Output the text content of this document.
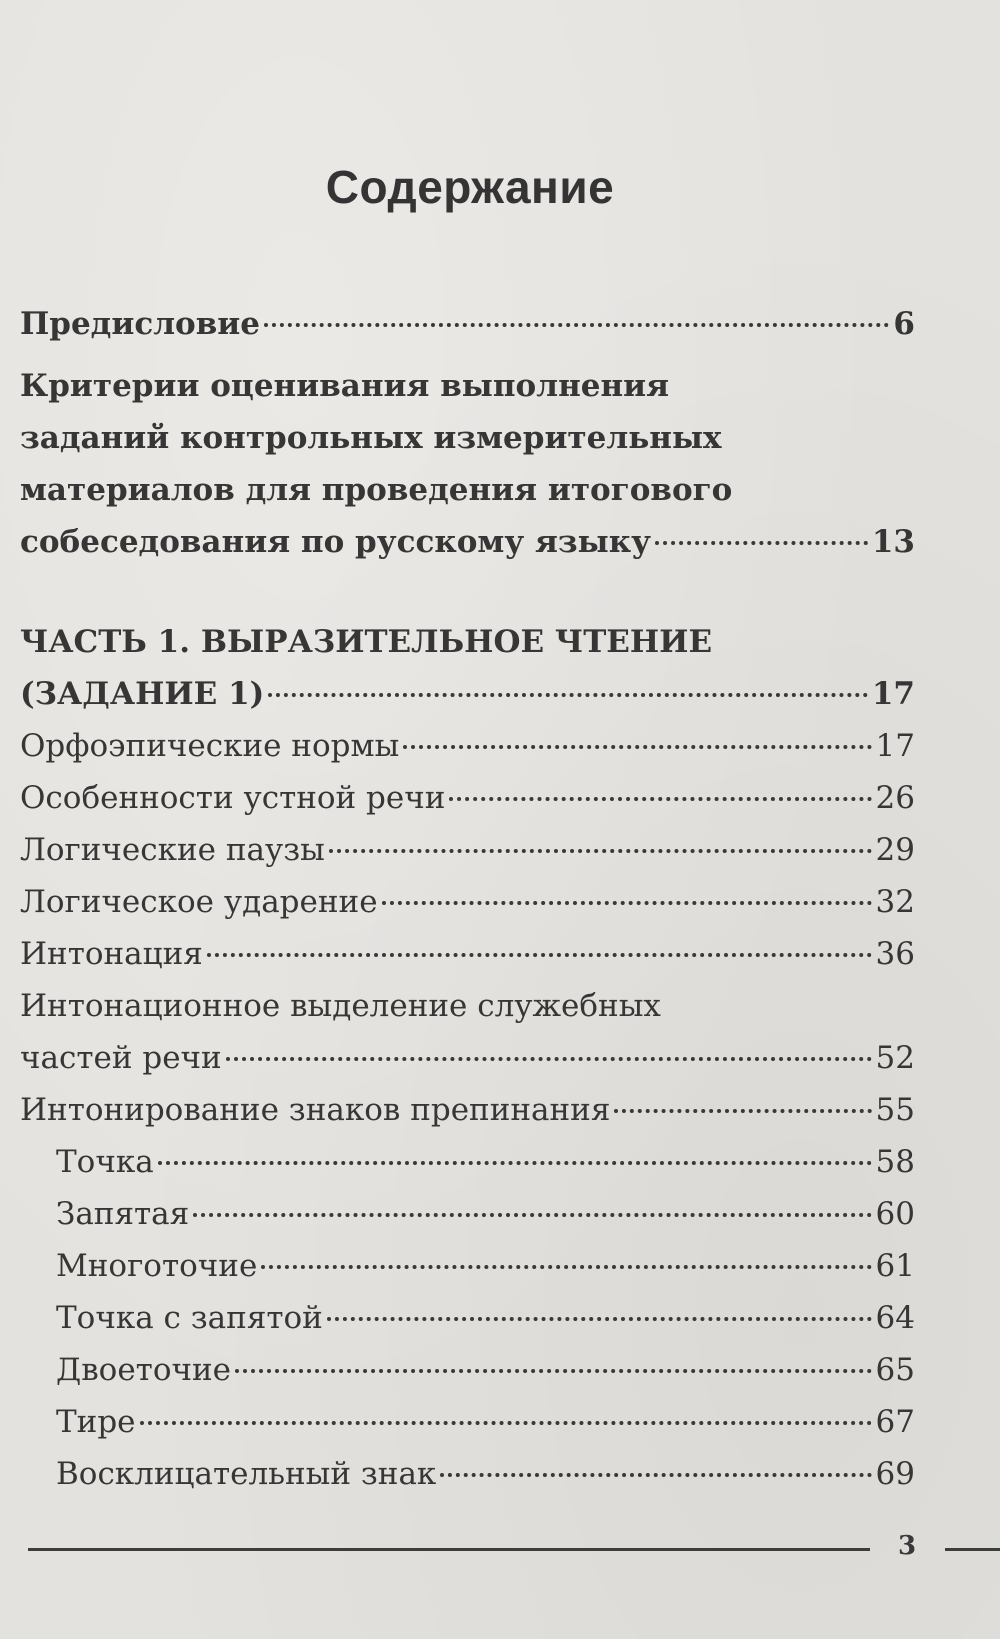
Содержание
Предисловие	6
Критерии оценивания выполнения
заданий контрольных измерительных
материалов для проведения итогового
собеседования по русскому языку	13
ЧАСТЬ 1. ВЫРАЗИТЕЛЬНОЕ ЧТЕНИЕ
(ЗАДАНИЕ 1)	17
Орфоэпические нормы	17
Особенности устной речи	26
Логические паузы	29
Логическое ударение	32
Интонация	36
Интонационное выделение служебных
частей речи	52
Интонирование знаков препинания	55
Точка	58
Запятая	60
Многоточие	61
Точка с запятой	64
Двоеточие	65
Тире	67
Восклицательный знак	69
3
